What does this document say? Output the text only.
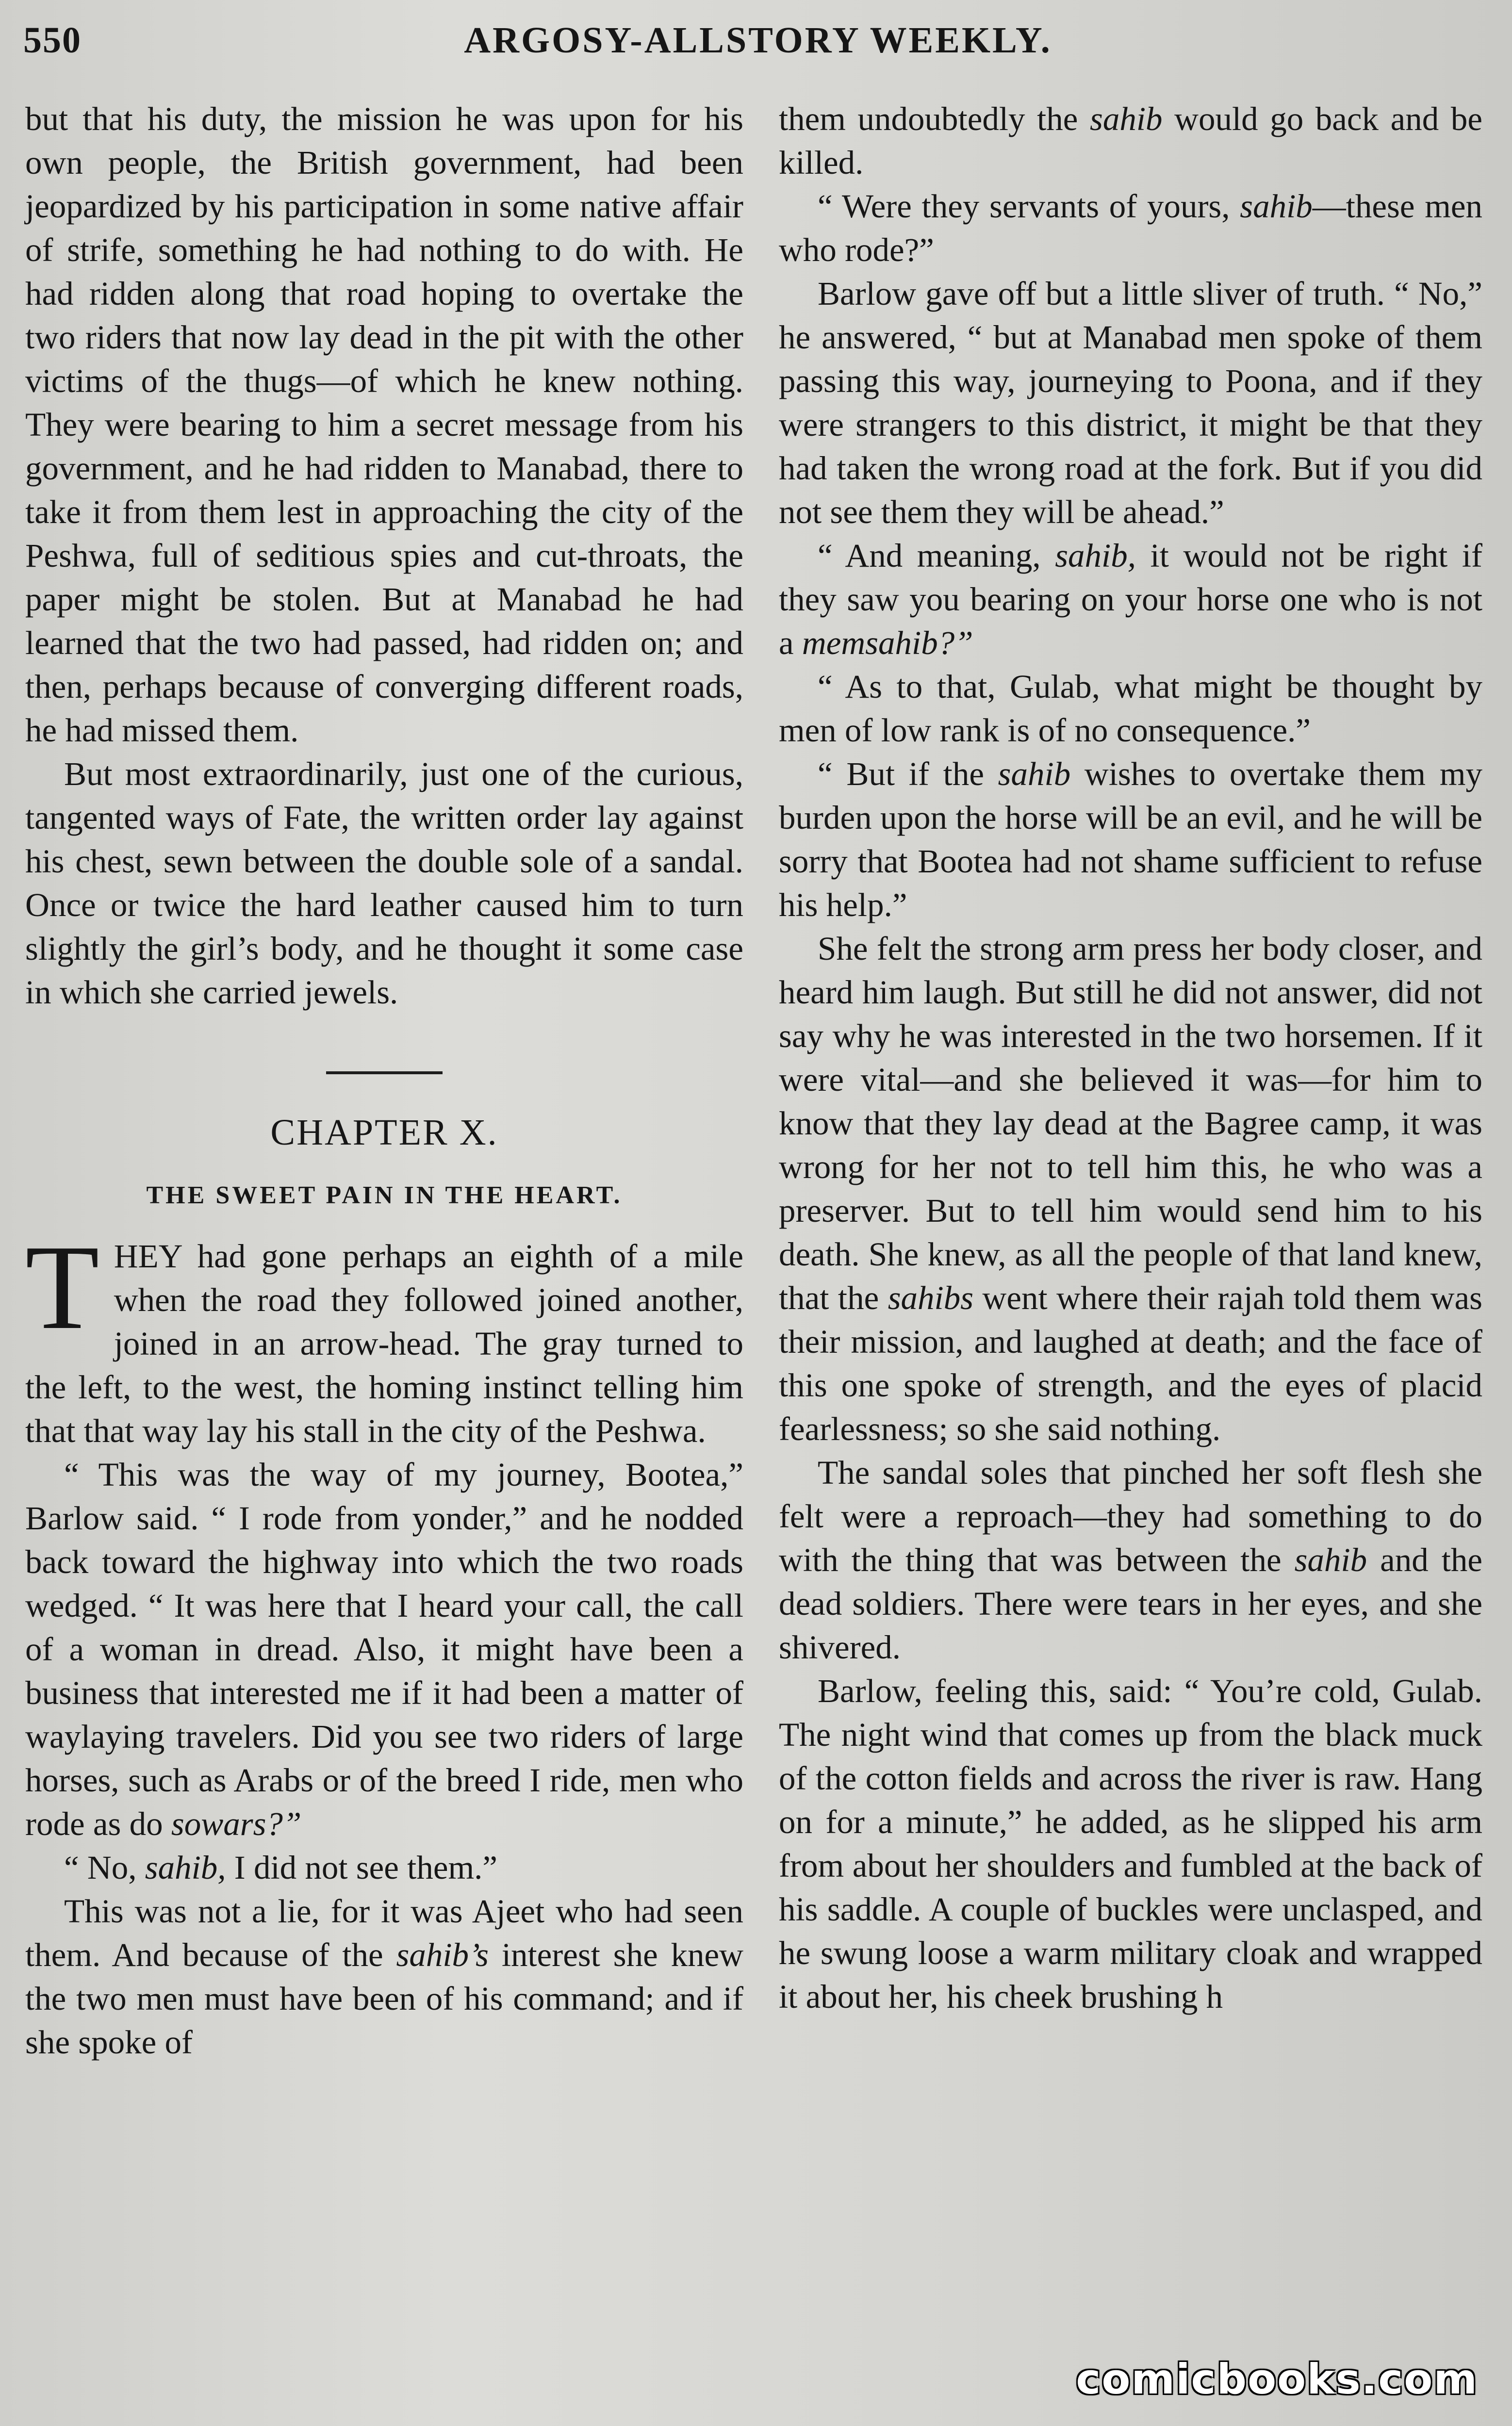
550	ARGOSY-ALLSTORY WEEKLY.

but that his duty, the mission he was upon for his own people, the British government, had been jeopardized by his participation in some native affair of strife, something he had nothing to do with. He had ridden along that road hoping to overtake the two riders that now lay dead in the pit with the other victims of the thugs—of which he knew nothing. They were bearing to him a secret message from his government, and he had ridden to Manabad, there to take it from them lest in approaching the city of the Peshwa, full of seditious spies and cut-throats, the paper might be stolen. But at Manabad he had learned that the two had passed, had ridden on; and then, perhaps because of converging different roads, he had missed them.

But most extraordinarily, just one of the curious, tangented ways of Fate, the written order lay against his chest, sewn between the double sole of a sandal. Once or twice the hard leather caused him to turn slightly the girl’s body, and he thought it some case in which she carried jewels.

CHAPTER X.
THE SWEET PAIN IN THE HEART.

THEY had gone perhaps an eighth of a mile when the road they followed joined another, joined in an arrow-head. The gray turned to the left, to the west, the homing instinct telling him that that way lay his stall in the city of the Peshwa.

“ This was the way of my journey, Bootea,” Barlow said. “ I rode from yonder,” and he nodded back toward the highway into which the two roads wedged. “ It was here that I heard your call, the call of a woman in dread. Also, it might have been a business that interested me if it had been a matter of waylaying travelers. Did you see two riders of large horses, such as Arabs or of the breed I ride, men who rode as do sowars?”

“ No, sahib, I did not see them.”

This was not a lie, for it was Ajeet who had seen them. And because of the sahib’s interest she knew the two men must have been of his command; and if she spoke of

them undoubtedly the sahib would go back and be killed.

“ Were they servants of yours, sahib—these men who rode?”

Barlow gave off but a little sliver of truth. “ No,” he answered, “ but at Manabad men spoke of them passing this way, journeying to Poona, and if they were strangers to this district, it might be that they had taken the wrong road at the fork. But if you did not see them they will be ahead.”

“ And meaning, sahib, it would not be right if they saw you bearing on your horse one who is not a memsahib?”

“ As to that, Gulab, what might be thought by men of low rank is of no consequence.”

“ But if the sahib wishes to overtake them my burden upon the horse will be an evil, and he will be sorry that Bootea had not shame sufficient to refuse his help.”

She felt the strong arm press her body closer, and heard him laugh. But still he did not answer, did not say why he was interested in the two horsemen. If it were vital—and she believed it was—for him to know that they lay dead at the Bagree camp, it was wrong for her not to tell him this, he who was a preserver. But to tell him would send him to his death. She knew, as all the people of that land knew, that the sahibs went where their rajah told them was their mission, and laughed at death; and the face of this one spoke of strength, and the eyes of placid fearlessness; so she said nothing.

The sandal soles that pinched her soft flesh she felt were a reproach—they had something to do with the thing that was between the sahib and the dead soldiers. There were tears in her eyes, and she shivered.

Barlow, feeling this, said: “ You’re cold, Gulab. The night wind that comes up from the black muck of the cotton fields and across the river is raw. Hang on for a minute,” he added, as he slipped his arm from about her shoulders and fumbled at the back of his saddle. A couple of buckles were unclasped, and he swung loose a warm military cloak and wrapped it about her, his cheek brushing h

comicbooks.com
